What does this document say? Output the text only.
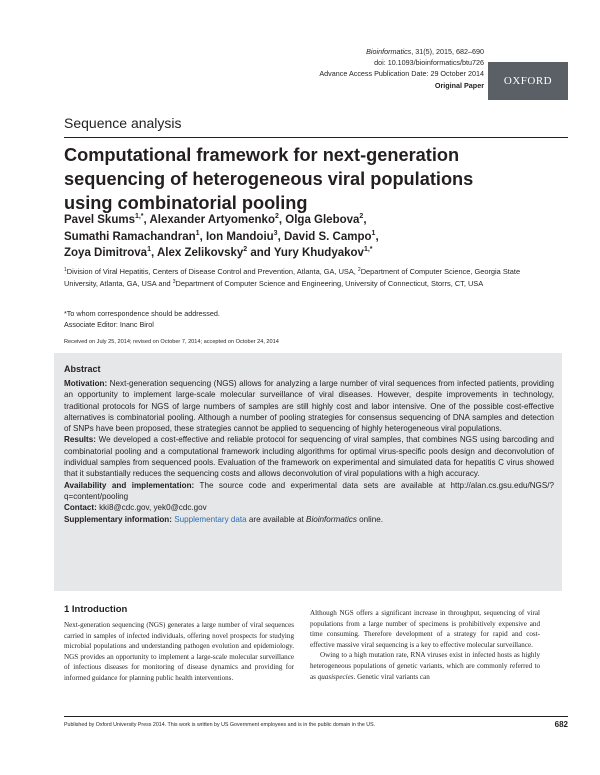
Bioinformatics, 31(5), 2015, 682–690
doi: 10.1093/bioinformatics/btu726
Advance Access Publication Date: 29 October 2014
Original Paper	OXFORD
Sequence analysis
Computational framework for next-generation sequencing of heterogeneous viral populations using combinatorial pooling
Pavel Skums$^{1,*}$, Alexander Artyomenko$^2$, Olga Glebova$^2$,
Sumathi Ramachandran$^1$, Ion Mandoiu$^3$, David S. Campo$^1$,
Zoya Dimitrova$^1$, Alex Zelikovsky$^2$ and Yury Khudyakov$^{1,*}$
$^1$Division of Viral Hepatitis, Centers of Disease Control and Prevention, Atlanta, GA, USA, $^2$Department of Computer Science, Georgia State University, Atlanta, GA, USA and $^3$Department of Computer Science and Engineering, University of Connecticut, Storrs, CT, USA
*To whom correspondence should be addressed.
Associate Editor: Inanc Birol
Received on July 25, 2014; revised on October 7, 2014; accepted on October 24, 2014
Abstract

Motivation: Next-generation sequencing (NGS) allows for analyzing a large number of viral sequences from infected patients, providing an opportunity to implement large-scale molecular surveillance of viral diseases. However, despite improvements in technology, traditional protocols for NGS of large numbers of samples are still highly cost and labor intensive. One of the possible cost-effective alternatives is combinatorial pooling. Although a number of pooling strategies for consensus sequencing of DNA samples and detection of SNPs have been proposed, these strategies cannot be applied to sequencing of highly heterogeneous viral populations.

Results: We developed a cost-effective and reliable protocol for sequencing of viral samples, that combines NGS using barcoding and combinatorial pooling and a computational framework including algorithms for optimal virus-specific pools design and deconvolution of individual samples from sequenced pools. Evaluation of the framework on experimental and simulated data for hepatitis C virus showed that it substantially reduces the sequencing costs and allows deconvolution of viral populations with a high accuracy.

Availability and implementation: The source code and experimental data sets are available at http://alan.cs.gsu.edu/NGS/?q=content/pooling

Contact: kki8@cdc.gov, yek0@cdc.gov

Supplementary information: Supplementary data are available at Bioinformatics online.

1 Introduction

Next-generation sequencing (NGS) generates a large number of viral sequences carried in samples of infected individuals, offering novel prospects for studying microbial populations and understanding pathogen evolution and epidemiology. NGS provides an opportunity to implement a large-scale molecular surveillance of infectious diseases for monitoring of disease dynamics and providing for informed guidance for planning public health interventions.

Although NGS offers a significant increase in throughput, sequencing of viral populations from a large number of specimens is prohibitively expensive and time consuming. Therefore development of a strategy for rapid and cost-effective massive viral sequencing is a key to effective molecular surveillance.

Owing to a high mutation rate, RNA viruses exist in infected hosts as highly heterogeneous populations of genetic variants, which are commonly referred to as quasispecies. Genetic viral variants can

Published by Oxford University Press 2014. This work is written by US Government employees and is in the public domain in the US.	682
